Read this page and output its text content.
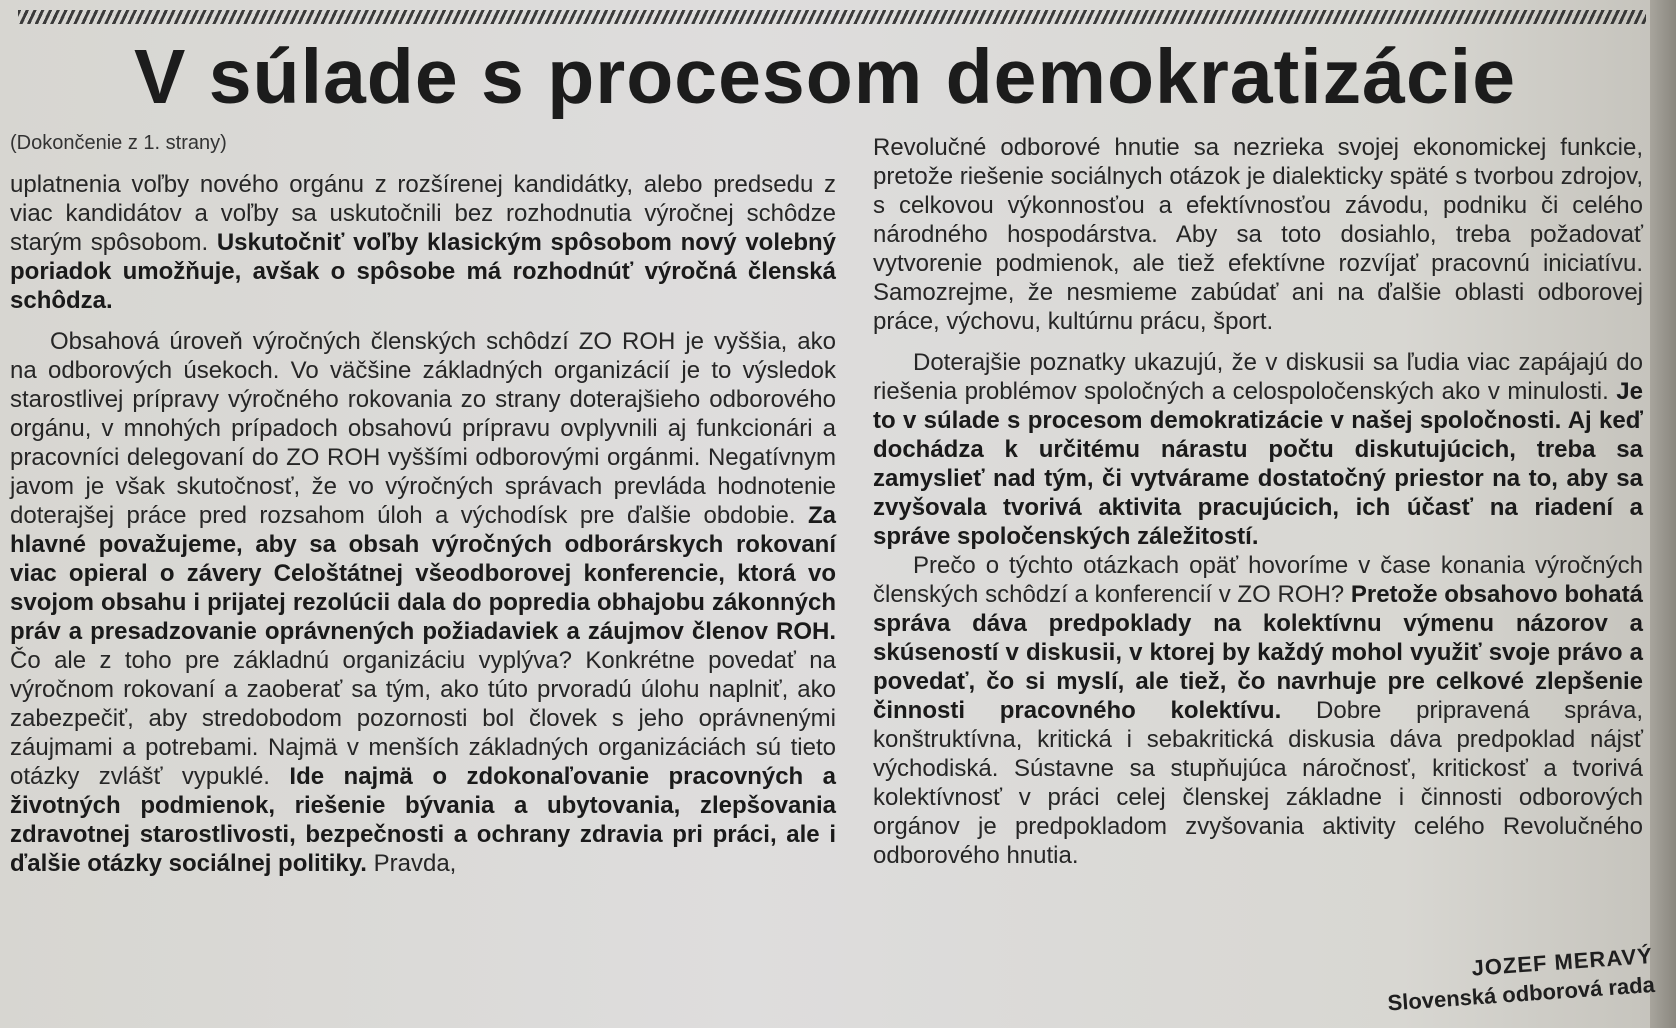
V súlade s procesom demokratizácie

(Dokončenie z 1. strany)

uplatnenia voľby nového orgánu z rozšírenej kandidátky, alebo predsedu z viac kandidátov a voľby sa uskutočnili bez rozhodnutia výročnej schôdze starým spôsobom. Uskutočniť voľby klasickým spôsobom nový volebný poriadok umožňuje, avšak o spôsobe má rozhodnúť výročná členská schôdza.

Obsahová úroveň výročných členských schôdzí ZO ROH je vyššia, ako na odborových úsekoch. Vo väčšine základných organizácií je to výsledok starostlivej prípravy výročného rokovania zo strany doterajšieho odborového orgánu, v mnohých prípadoch obsahovú prípravu ovplyvnili aj funkcionári a pracovníci delegovaní do ZO ROH vyššími odborovými orgánmi. Negatívnym javom je však skutočnosť, že vo výročných správach prevláda hodnotenie doterajšej práce pred rozsahom úloh a východísk pre ďalšie obdobie. Za hlavné považujeme, aby sa obsah výročných odborárskych rokovaní viac opieral o závery Celoštátnej všeodborovej konferencie, ktorá vo svojom obsahu i prijatej rezolúcii dala do popredia obhajobu zákonných práv a presadzovanie oprávnených požiadaviek a záujmov členov ROH. Čo ale z toho pre základnú organizáciu vyplýva? Konkrétne povedať na výročnom rokovaní a zaoberať sa tým, ako túto prvoradú úlohu naplniť, ako zabezpečiť, aby stredobodom pozornosti bol človek s jeho oprávnenými záujmami a potrebami. Najmä v menších základných organizáciách sú tieto otázky zvlášť vypuklé. Ide najmä o zdokonaľovanie pracovných a životných podmienok, riešenie bývania a ubytovania, zlepšovania zdravotnej starostlivosti, bezpečnosti a ochrany zdravia pri práci, ale i ďalšie otázky sociálnej politiky. Pravda,

Revolučné odborové hnutie sa nezrieka svojej ekonomickej funkcie, pretože riešenie sociálnych otázok je dialekticky späté s tvorbou zdrojov, s celkovou výkonnosťou a efektívnosťou závodu, podniku či celého národného hospodárstva. Aby sa toto dosiahlo, treba požadovať vytvorenie podmienok, ale tiež efektívne rozvíjať pracovnú iniciatívu. Samozrejme, že nesmieme zabúdať ani na ďalšie oblasti odborovej práce, výchovu, kultúrnu prácu, šport.

Doterajšie poznatky ukazujú, že v diskusii sa ľudia viac zapájajú do riešenia problémov spoločných a celospoločenských ako v minulosti. Je to v súlade s procesom demokratizácie v našej spoločnosti. Aj keď dochádza k určitému nárastu počtu diskutujúcich, treba sa zamyslieť nad tým, či vytvárame dostatočný priestor na to, aby sa zvyšovala tvorivá aktivita pracujúcich, ich účasť na riadení a správe spoločenských záležitostí.

Prečo o týchto otázkach opäť hovoríme v čase konania výročných členských schôdzí a konferencií v ZO ROH? Pretože obsahovo bohatá správa dáva predpoklady na kolektívnu výmenu názorov a skúseností v diskusii, v ktorej by každý mohol využiť svoje právo a povedať, čo si myslí, ale tiež, čo navrhuje pre celkové zlepšenie činnosti pracovného kolektívu. Dobre pripravená správa, konštruktívna, kritická i sebakritická diskusia dáva predpoklad nájsť východiská. Sústavne sa stupňujúca náročnosť, kritickosť a tvorivá kolektívnosť v práci celej členskej základne i činnosti odborových orgánov je predpokladom zvyšovania aktivity celého Revolučného odborového hnutia.

JOZEF MERAVÝ
Slovenská odborová rada
